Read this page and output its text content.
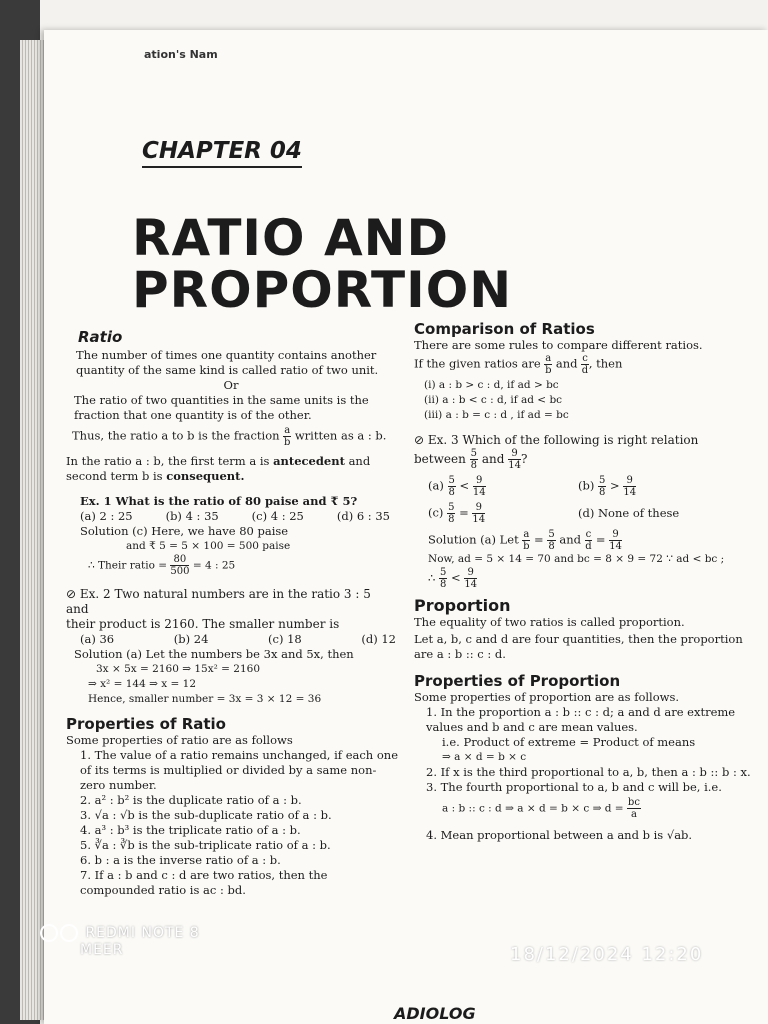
ation's Nam
CHAPTER 04
RATIO AND
PROPORTION
Ratio

The number of times one quantity contains another quantity of the same kind is called ratio of two unit.

Or

The ratio of two quantities in the same units is the fraction that one quantity is of the other.

Thus, the ratio a to b is the fraction $\frac{a}{b}$ written as a : b.

In the ratio a : b, the first term a is antecedent and second term b is consequent.

Ex. 1 What is the ratio of 80 paise and ₹ 5?

(a) 2 : 25	(b) 4 : 35	(c) 4 : 25	(d) 6 : 35

Solution (c) Here, we have 80 paise

and ₹ 5 = 5 × 100 = 500 paise

∴ Their ratio = $\frac{80}{500} = 4$ : 25

⊘ Ex. 2 Two natural numbers are in the ratio 3 : 5 and

their product is 2160. The smaller number is

(a) 36	(b) 24	(c) 18	(d) 12

Solution (a) Let the numbers be 3x and 5x, then

3x × 5x = 2160 ⇒ 15x² = 2160

⇒ x² = 144 ⇒ x = 12

Hence, smaller number = 3x = 3 × 12 = 36

Properties of Ratio

Some properties of ratio are as follows

1. The value of a ratio remains unchanged, if each one of its terms is multiplied or divided by a same non-zero number.

2. a² : b² is the duplicate ratio of a : b.

3. √a : √b is the sub-duplicate ratio of a : b.

4. a³ : b³ is the triplicate ratio of a : b.

5. ∛a : ∛b is the sub-triplicate ratio of a : b.

6. b : a is the inverse ratio of a : b.

7. If a : b and c : d are two ratios, then the compounded ratio is ac : bd.

Comparison of Ratios

There are some rules to compare different ratios.

If the given ratios are $\frac{a}{b}$ and $\frac{c}{d}$ , then

(i) a : b > c : d, if ad > bc

(ii) a : b < c : d, if ad < bc

(iii) a : b = c : d , if ad = bc

⊘ Ex. 3 Which of the following is right relation

between $\frac{5}{8}$ and $\frac{9}{14}$ ?

$(a) \frac{5}{8} < \frac{9}{14}$	$(b) \frac{5}{8} > \frac{9}{14}$
$(c) \frac{5}{8} = \frac{9}{14}$	(d) None of these

Solution (a) Let $\frac{a}{b} = \frac{5}{8}$ and $\frac{c}{d} = \frac{9}{14}$

Now, ad = 5 × 14 = 70 and bc = 8 × 9 = 72 ∵ ad < bc ;

∴ $\frac{5}{8} < \frac{9}{14}$

Proportion

The equality of two ratios is called proportion.

Let a, b, c and d are four quantities, then the proportion are a : b :: c : d.

Properties of Proportion

Some properties of proportion are as follows.

1. In the proportion a : b :: c : d; a and d are extreme values and b and c are mean values.

i.e. Product of extreme = Product of means

⇒ a × d = b × c

2. If x is the third proportional to a, b, then a : b :: b : x.

3. The fourth proportional to a, b and c will be, i.e.

a : b :: c : d ⇒ a × d = b × c ⇒ $d = \frac{bc}{a}$

4. Mean proportional between a and b is √ab.

ADIOLOG
REDMI NOTE 8
MEER	18/12/2024 12:20
